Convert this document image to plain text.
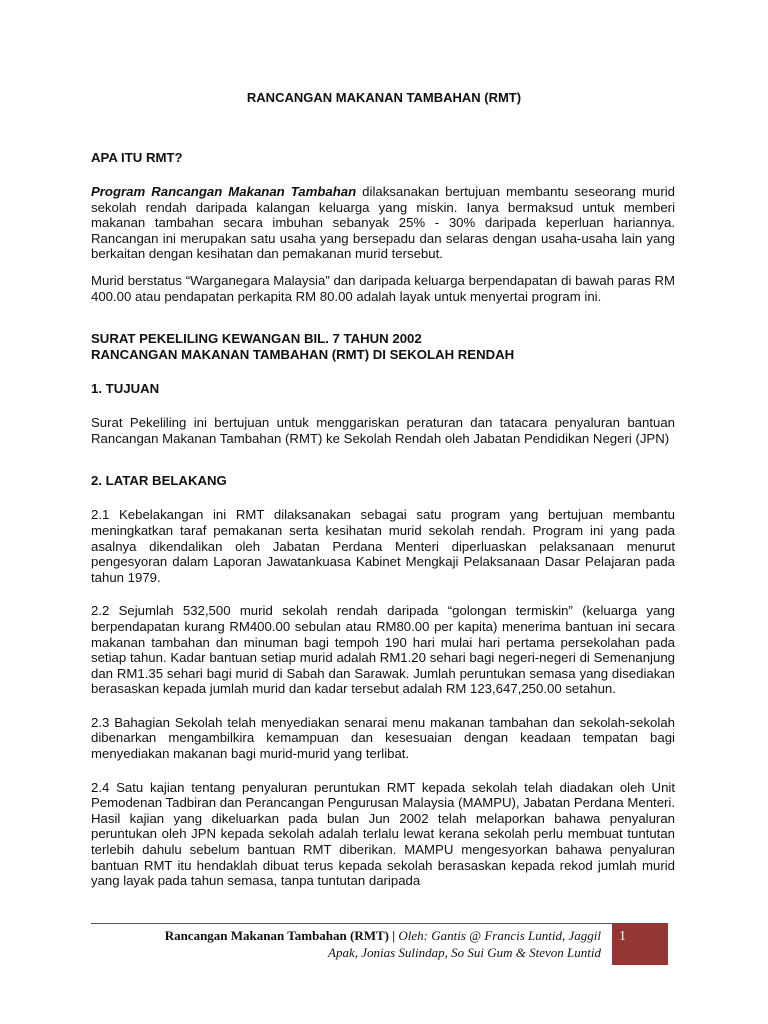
RANCANGAN MAKANAN TAMBAHAN (RMT)
APA ITU RMT?

Program Rancangan Makanan Tambahan dilaksanakan bertujuan membantu seseorang murid sekolah rendah daripada kalangan keluarga yang miskin. Ianya bermaksud untuk memberi makanan tambahan secara imbuhan sebanyak 25% - 30% daripada keperluan hariannya. Rancangan ini merupakan satu usaha yang bersepadu dan selaras dengan usaha-usaha lain yang berkaitan dengan kesihatan dan pemakanan murid tersebut.

Murid berstatus “Warganegara Malaysia” dan daripada keluarga berpendapatan di bawah paras RM 400.00 atau pendapatan perkapita RM 80.00 adalah layak untuk menyertai program ini.

SURAT PEKELILING KEWANGAN BIL. 7 TAHUN 2002
RANCANGAN MAKANAN TAMBAHAN (RMT) DI SEKOLAH RENDAH
1. TUJUAN

Surat Pekeliling ini bertujuan untuk menggariskan peraturan dan tatacara penyaluran bantuan Rancangan Makanan Tambahan (RMT) ke Sekolah Rendah oleh Jabatan Pendidikan Negeri (JPN)

2. LATAR BELAKANG

2.1 Kebelakangan ini RMT dilaksanakan sebagai satu program yang bertujuan membantu meningkatkan taraf pemakanan serta kesihatan murid sekolah rendah. Program ini yang pada asalnya dikendalikan oleh Jabatan Perdana Menteri diperluaskan pelaksanaan menurut pengesyoran dalam Laporan Jawatankuasa Kabinet Mengkaji Pelaksanaan Dasar Pelajaran pada tahun 1979.

2.2 Sejumlah 532,500 murid sekolah rendah daripada “golongan termiskin” (keluarga yang berpendapatan kurang RM400.00 sebulan atau RM80.00 per kapita) menerima bantuan ini secara makanan tambahan dan minuman bagi tempoh 190 hari mulai hari pertama persekolahan pada setiap tahun. Kadar bantuan setiap murid adalah RM1.20 sehari bagi negeri-negeri di Semenanjung dan RM1.35 sehari bagi murid di Sabah dan Sarawak. Jumlah peruntukan semasa yang disediakan berasaskan kepada jumlah murid dan kadar tersebut adalah RM 123,647,250.00 setahun.

2.3 Bahagian Sekolah telah menyediakan senarai menu makanan tambahan dan sekolah-sekolah dibenarkan mengambilkira kemampuan dan kesesuaian dengan keadaan tempatan bagi menyediakan makanan bagi murid-murid yang terlibat.

2.4 Satu kajian tentang penyaluran peruntukan RMT kepada sekolah telah diadakan oleh Unit Pemodenan Tadbiran dan Perancangan Pengurusan Malaysia (MAMPU), Jabatan Perdana Menteri. Hasil kajian yang dikeluarkan pada bulan Jun 2002 telah melaporkan bahawa penyaluran peruntukan oleh JPN kepada sekolah adalah terlalu lewat kerana sekolah perlu membuat tuntutan terlebih dahulu sebelum bantuan RMT diberikan. MAMPU mengesyorkan bahawa penyaluran bantuan RMT itu hendaklah dibuat terus kepada sekolah berasaskan kepada rekod jumlah murid yang layak pada tahun semasa, tanpa tuntutan daripada

Rancangan Makanan Tambahan (RMT) | Oleh: Gantis @ Francis Luntid, Jaggil
Apak, Jonias Sulindap, So Sui Gum & Stevon Luntid
1
